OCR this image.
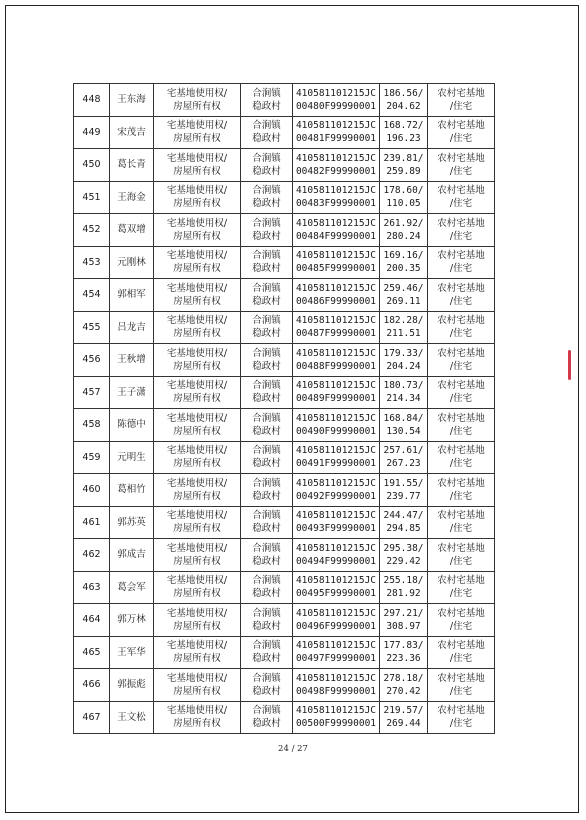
448	王东海	宅基地使用权/
房屋所有权	合涧镇
稳政村	410581101215JC
00480F99990001	186.56/
204.62	农村宅基地
/住宅

449	宋茂吉	宅基地使用权/
房屋所有权	合涧镇
稳政村	410581101215JC
00481F99990001	168.72/
196.23	农村宅基地
/住宅

450	葛长青	宅基地使用权/
房屋所有权	合涧镇
稳政村	410581101215JC
00482F99990001	239.81/
259.89	农村宅基地
/住宅

451	王海金	宅基地使用权/
房屋所有权	合涧镇
稳政村	410581101215JC
00483F99990001	178.60/
110.05	农村宅基地
/住宅

452	葛双增	宅基地使用权/
房屋所有权	合涧镇
稳政村	410581101215JC
00484F99990001	261.92/
280.24	农村宅基地
/住宅

453	元刚林	宅基地使用权/
房屋所有权	合涧镇
稳政村	410581101215JC
00485F99990001	169.16/
200.35	农村宅基地
/住宅

454	郭相军	宅基地使用权/
房屋所有权	合涧镇
稳政村	410581101215JC
00486F99990001	259.46/
269.11	农村宅基地
/住宅

455	吕龙吉	宅基地使用权/
房屋所有权	合涧镇
稳政村	410581101215JC
00487F99990001	182.28/
211.51	农村宅基地
/住宅

456	王秋增	宅基地使用权/
房屋所有权	合涧镇
稳政村	410581101215JC
00488F99990001	179.33/
204.24	农村宅基地
/住宅

457	王子潇	宅基地使用权/
房屋所有权	合涧镇
稳政村	410581101215JC
00489F99990001	180.73/
214.34	农村宅基地
/住宅

458	陈德中	宅基地使用权/
房屋所有权	合涧镇
稳政村	410581101215JC
00490F99990001	168.84/
130.54	农村宅基地
/住宅

459	元明生	宅基地使用权/
房屋所有权	合涧镇
稳政村	410581101215JC
00491F99990001	257.61/
267.23	农村宅基地
/住宅

460	葛相竹	宅基地使用权/
房屋所有权	合涧镇
稳政村	410581101215JC
00492F99990001	191.55/
239.77	农村宅基地
/住宅

461	郭苏英	宅基地使用权/
房屋所有权	合涧镇
稳政村	410581101215JC
00493F99990001	244.47/
294.85	农村宅基地
/住宅

462	郭成吉	宅基地使用权/
房屋所有权	合涧镇
稳政村	410581101215JC
00494F99990001	295.38/
229.42	农村宅基地
/住宅

463	葛会军	宅基地使用权/
房屋所有权	合涧镇
稳政村	410581101215JC
00495F99990001	255.18/
281.92	农村宅基地
/住宅

464	郭万林	宅基地使用权/
房屋所有权	合涧镇
稳政村	410581101215JC
00496F99990001	297.21/
308.97	农村宅基地
/住宅

465	王军华	宅基地使用权/
房屋所有权	合涧镇
稳政村	410581101215JC
00497F99990001	177.83/
223.36	农村宅基地
/住宅

466	郭振彪	宅基地使用权/
房屋所有权	合涧镇
稳政村	410581101215JC
00498F99990001	278.18/
270.42	农村宅基地
/住宅

467	王文松	宅基地使用权/
房屋所有权	合涧镇
稳政村	410581101215JC
00500F99990001	219.57/
269.44	农村宅基地
/住宅
24 / 27
